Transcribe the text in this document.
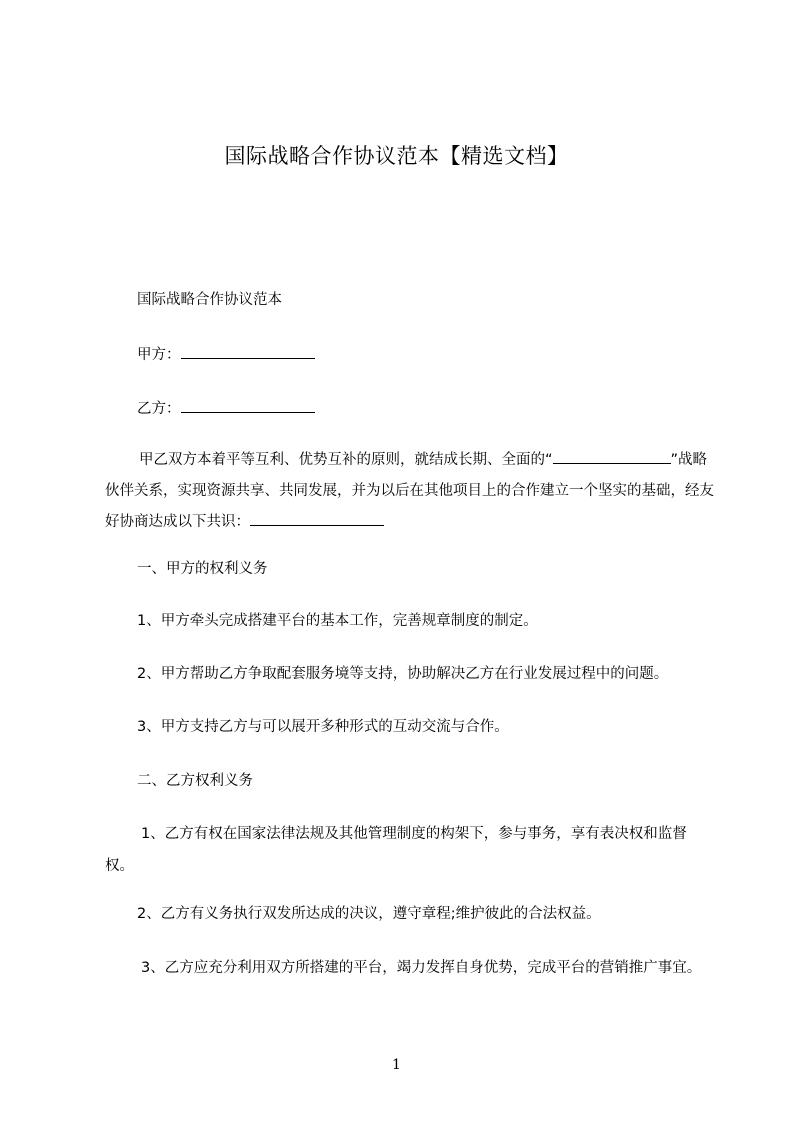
国际战略合作协议范本【精选文档】
国际战略合作协议范本
甲方：
乙方：
甲乙双方本着平等互利、优势互补的原则，就结成长期、全面的“	”战略伙伴关系，实现资源共享、共同发展，并为以后在其他项目上的合作建立一个坚实的基础，经友好协商达成以下共识：
一、甲方的权利义务
1、甲方牵头完成搭建平台的基本工作，完善规章制度的制定。
2、甲方帮助乙方争取配套服务境等支持，协助解决乙方在行业发展过程中的问题。
3、甲方支持乙方与可以展开多种形式的互动交流与合作。
二、乙方权利义务
1、乙方有权在国家法律法规及其他管理制度的构架下，参与事务，享有表决权和监督权。
2、乙方有义务执行双发所达成的决议，遵守章程;维护彼此的合法权益。
3、乙方应充分利用双方所搭建的平台，竭力发挥自身优势，完成平台的营销推广事宜。
1
